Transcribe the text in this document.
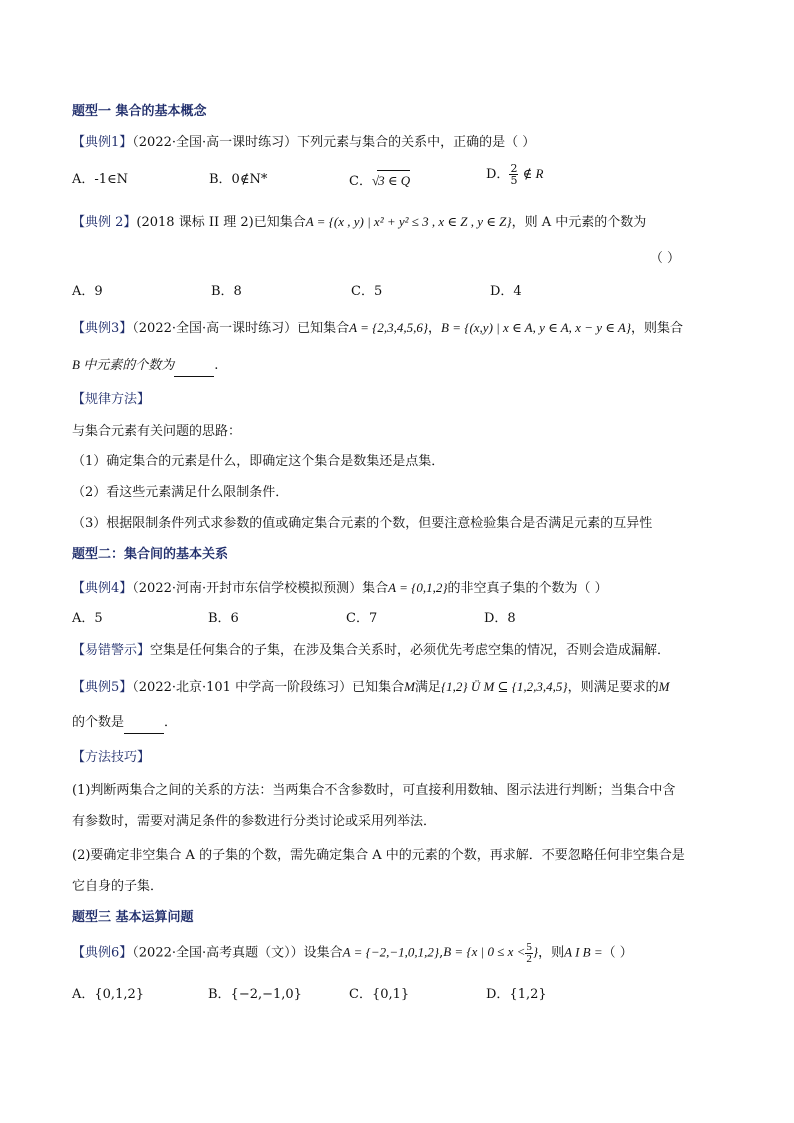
题型一 集合的基本概念
【典例1】（2022·全国·高一课时练习）下列元素与集合的关系中，正确的是（ ）
A．-1∈N	B．0∉N*	C．√3 ∈ Q	D． $\frac{2}{5}$ ∉ R
【典例 2】(2018 课标 II 理 2)已知集合A = {(x , y) | x² + y² ≤ 3 , x ∈ Z , y ∈ Z}，则 A 中元素的个数为
（ ）
A．9	B．8	C．5	D．4
【典例3】（2022·全国·高一课时练习）已知集合A = {2,3,4,5,6}，B = {(x,y) | x ∈ A, y ∈ A, x − y ∈ A}，则集合
B 中元素的个数为	.
【规律方法】
与集合元素有关问题的思路：
（1）确定集合的元素是什么，即确定这个集合是数集还是点集．
（2）看这些元素满足什么限制条件．
（3）根据限制条件列式求参数的值或确定集合元素的个数，但要注意检验集合是否满足元素的互异性
题型二：集合间的基本关系
【典例4】（2022·河南·开封市东信学校模拟预测）集合A = {0,1,2}的非空真子集的个数为（ ）
A．5	B．6	C．7	D．8
【易错警示】空集是任何集合的子集，在涉及集合关系时，必须优先考虑空集的情况，否则会造成漏解．
【典例5】（2022·北京·101 中学高一阶段练习）已知集合M满足{1,2} Ü M ⊆ {1,2,3,4,5}，则满足要求的M
的个数是	．
【方法技巧】
(1)判断两集合之间的关系的方法：当两集合不含参数时，可直接利用数轴、图示法进行判断；当集合中含
有参数时，需要对满足条件的参数进行分类讨论或采用列举法．
(2)要确定非空集合 A 的子集的个数，需先确定集合 A 中的元素的个数，再求解．不要忽略任何非空集合是
它自身的子集．
题型三 基本运算问题
【典例6】（2022·全国·高考真题（文））设集合A = {−2,−1,0,1,2},B = {x | $0 \le x < \frac{5}{2}$ }，则A I B =（ ）
A．{0,1,2}	B．{−2,−1,0}	C．{0,1}	D．{1,2}
